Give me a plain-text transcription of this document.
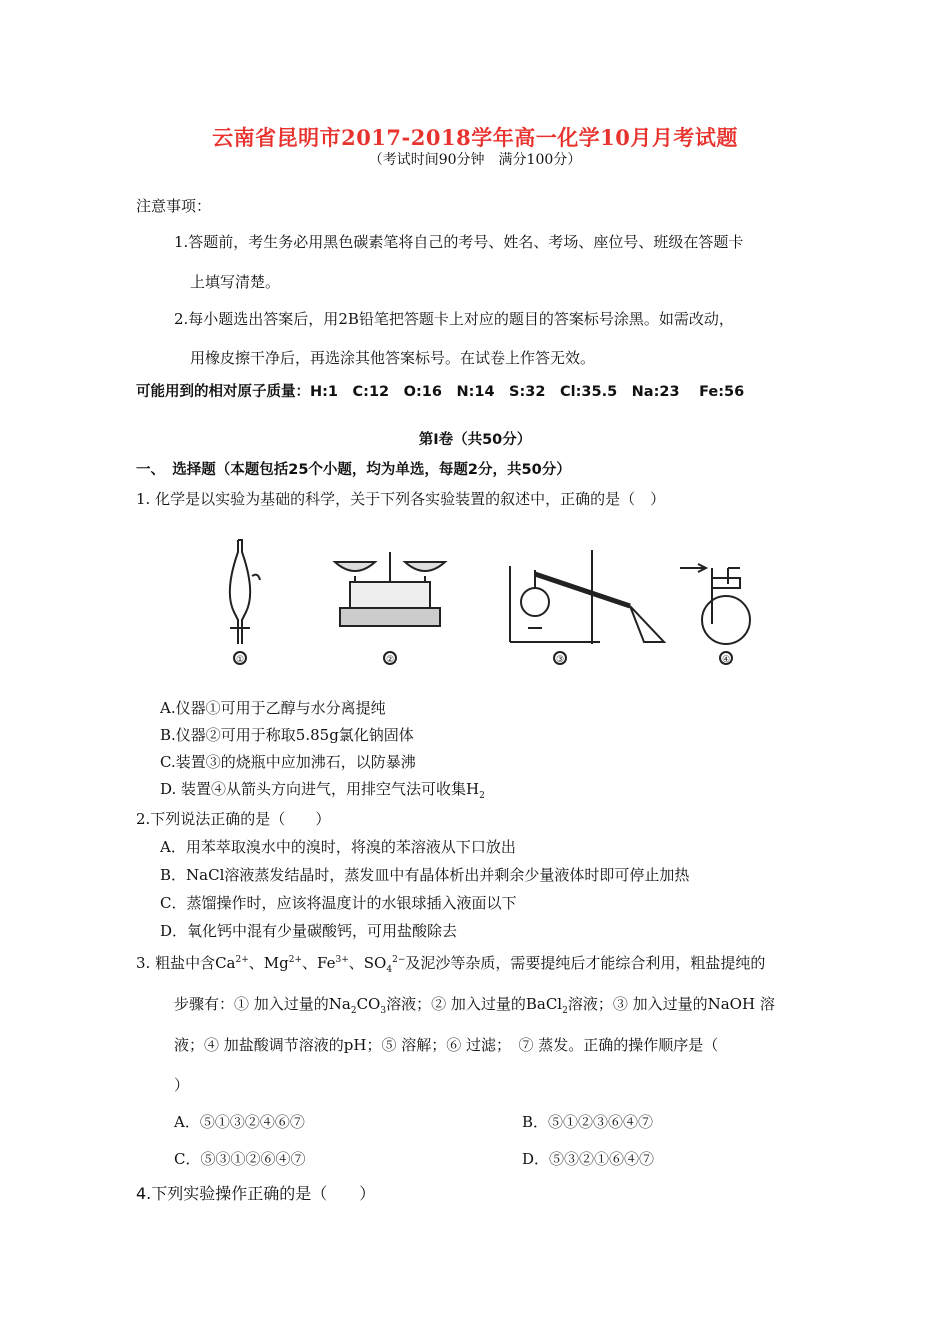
云南省昆明市2017-2018学年高一化学10月月考试题
（考试时间90分钟　满分100分）
注意事项：
1.答题前，考生务必用黑色碳素笔将自己的考号、姓名、考场、座位号、班级在答题卡
上填写清楚。
2.每小题选出答案后，用2B铅笔把答题卡上对应的题目的答案标号涂黑。如需改动，
用橡皮擦干净后，再选涂其他答案标号。在试卷上作答无效。
可能用到的相对原子质量：H:1　C:12　O:16　N:14　S:32　Cl:35.5　Na:23　 Fe:56
第Ⅰ卷（共50分）
一、　选择题（本题包括25个小题，均为单选，每题2分，共50分）
1. 化学是以实验为基础的科学，关于下列各实验装置的叙述中，正确的是（　）
①	②	③	④
A.仪器①可用于乙醇与水分离提纯
B.仪器②可用于称取5.85g氯化钠固体
C.装置③的烧瓶中应加沸石，以防暴沸
D. 装置④从箭头方向进气，用排空气法可收集$H_2$
2.下列说法正确的是（　　）
A．用苯萃取溴水中的溴时，将溴的苯溶液从下口放出
B．NaCl溶液蒸发结晶时，蒸发皿中有晶体析出并剩余少量液体时即可停止加热
C．蒸馏操作时，应该将温度计的水银球插入液面以下
D．氧化钙中混有少量碳酸钙，可用盐酸除去
3. 粗盐中含$Ca^{2+}$、$Mg^{2+}$、$Fe^{3+}$、$SO_4^{2-}$及泥沙等杂质，需要提纯后才能综合利用，粗盐提纯的
步骤有：① 加入过量的$Na_2CO_3$溶液；② 加入过量的BaCl$_2$溶液；③ 加入过量的NaOH 溶
液；④ 加盐酸调节溶液的pH；⑤ 溶解；⑥ 过滤；　⑦ 蒸发。正确的操作顺序是（
）
A．⑤①③②④⑥⑦	B．⑤①②③⑥④⑦
C．⑤③①②⑥④⑦	D．⑤③②①⑥④⑦
4.下列实验操作正确的是（　　）
